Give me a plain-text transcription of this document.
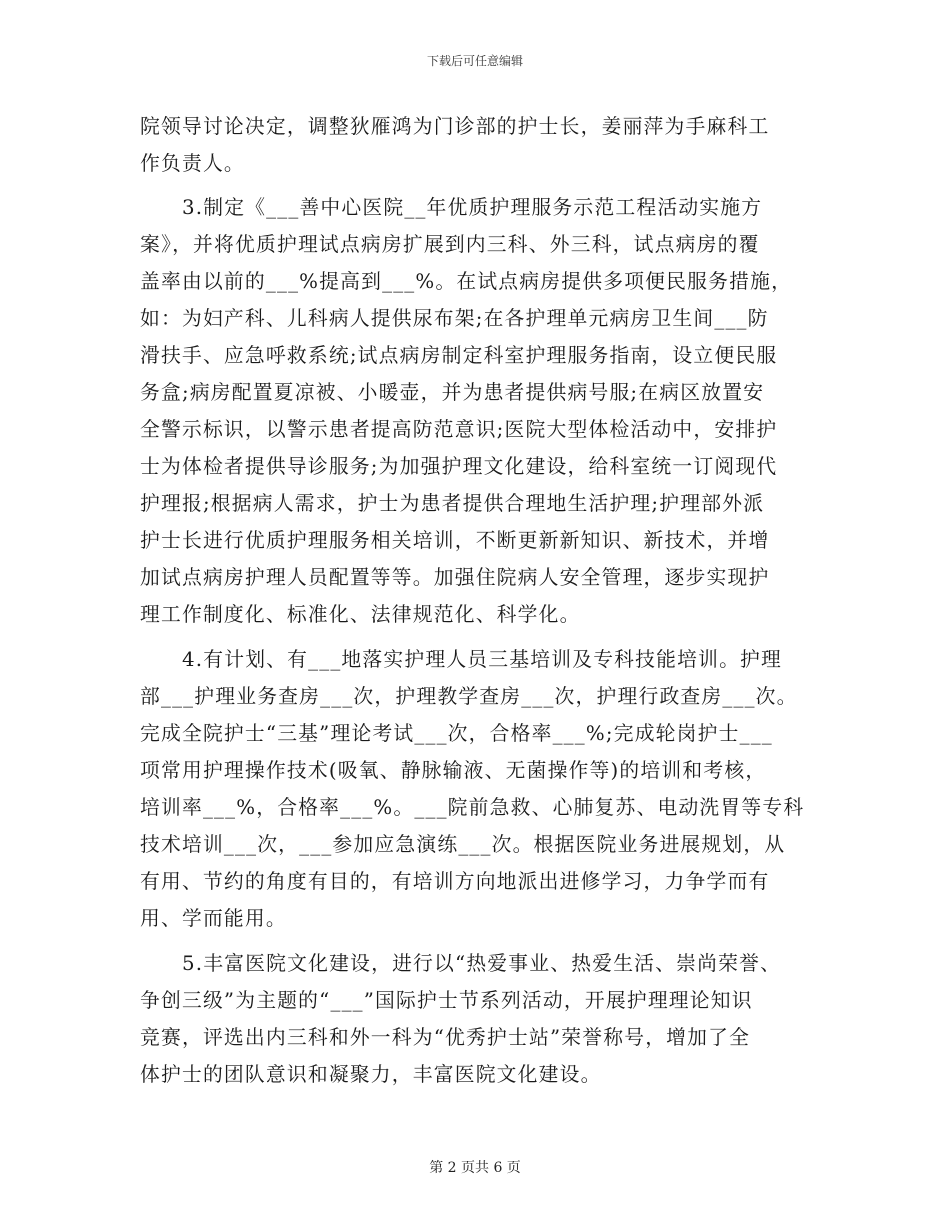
下载后可任意编辑

院领导讨论决定，调整狄雁鸿为门诊部的护士长，姜丽萍为手麻科工
作负责人。

　　3.制定《___善中心医院__年优质护理服务示范工程活动实施方
案》，并将优质护理试点病房扩展到内三科、外三科，试点病房的覆
盖率由以前的___%提高到___%。在试点病房提供多项便民服务措施，
如：为妇产科、儿科病人提供尿布架;在各护理单元病房卫生间___防
滑扶手、应急呼救系统;试点病房制定科室护理服务指南，设立便民服
务盒;病房配置夏凉被、小暖壶，并为患者提供病号服;在病区放置安
全警示标识，以警示患者提高防范意识;医院大型体检活动中，安排护
士为体检者提供导诊服务;为加强护理文化建设，给科室统一订阅现代
护理报;根据病人需求，护士为患者提供合理地生活护理;护理部外派
护士长进行优质护理服务相关培训，不断更新新知识、新技术，并增
加试点病房护理人员配置等等。加强住院病人安全管理，逐步实现护
理工作制度化、标准化、法律规范化、科学化。

　　4.有计划、有___地落实护理人员三基培训及专科技能培训。护理
部___护理业务查房___次，护理教学查房___次，护理行政查房___次。
完成全院护士“三基”理论考试___次，合格率___%;完成轮岗护士___
项常用护理操作技术(吸氧、静脉输液、无菌操作等)的培训和考核，
培训率___%，合格率___%。___院前急救、心肺复苏、电动洗胃等专科
技术培训___次，___参加应急演练___次。根据医院业务进展规划，从
有用、节约的角度有目的，有培训方向地派出进修学习，力争学而有
用、学而能用。

　　5.丰富医院文化建设，进行以“热爱事业、热爱生活、崇尚荣誉、
争创三级”为主题的“___”国际护士节系列活动，开展护理理论知识
竞赛，评选出内三科和外一科为“优秀护士站”荣誉称号，增加了全
体护士的团队意识和凝聚力，丰富医院文化建设。

第 2 页共 6 页
